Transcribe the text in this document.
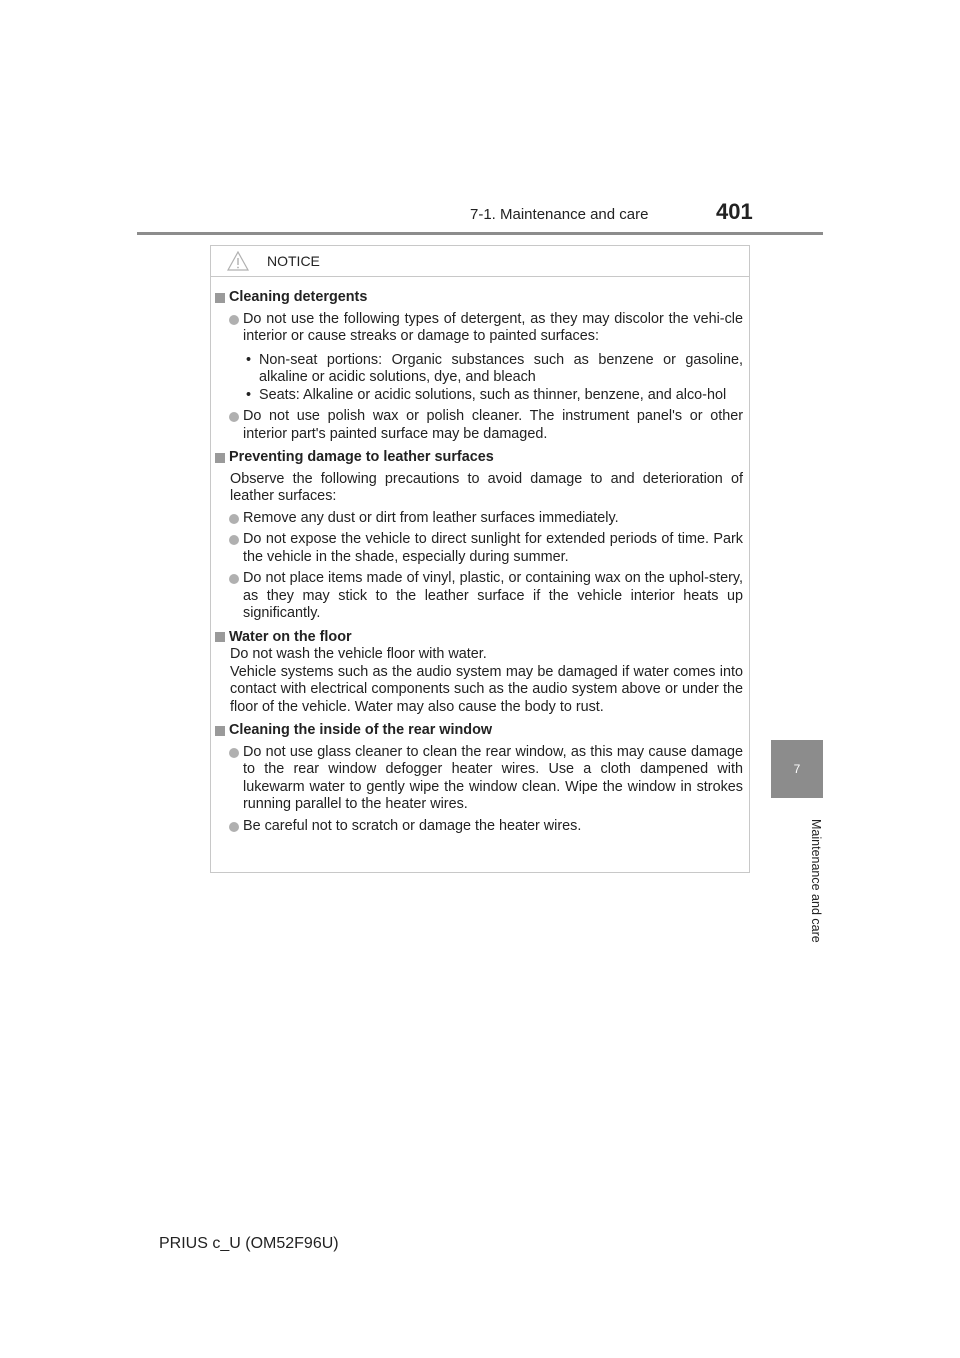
7-1. Maintenance and care	401
7
Maintenance and care
NOTICE
Cleaning detergents
Do not use the following types of detergent, as they may discolor the vehi-cle interior or cause streaks or damage to painted surfaces:
• Non-seat portions: Organic substances such as benzene or gasoline, alkaline or acidic solutions, dye, and bleach
• Seats: Alkaline or acidic solutions, such as thinner, benzene, and alco-hol
Do not use polish wax or polish cleaner. The instrument panel's or other interior part's painted surface may be damaged.
Preventing damage to leather surfaces
Observe the following precautions to avoid damage to and deterioration of leather surfaces:
Remove any dust or dirt from leather surfaces immediately.
Do not expose the vehicle to direct sunlight for extended periods of time. Park the vehicle in the shade, especially during summer.
Do not place items made of vinyl, plastic, or containing wax on the uphol-stery, as they may stick to the leather surface if the vehicle interior heats up significantly.
Water on the floor
Do not wash the vehicle floor with water.
Vehicle systems such as the audio system may be damaged if water comes into contact with electrical components such as the audio system above or under the floor of the vehicle. Water may also cause the body to rust.
Cleaning the inside of the rear window
Do not use glass cleaner to clean the rear window, as this may cause damage to the rear window defogger heater wires. Use a cloth dampened with lukewarm water to gently wipe the window clean. Wipe the window in strokes running parallel to the heater wires.
Be careful not to scratch or damage the heater wires.
PRIUS c_U (OM52F96U)
